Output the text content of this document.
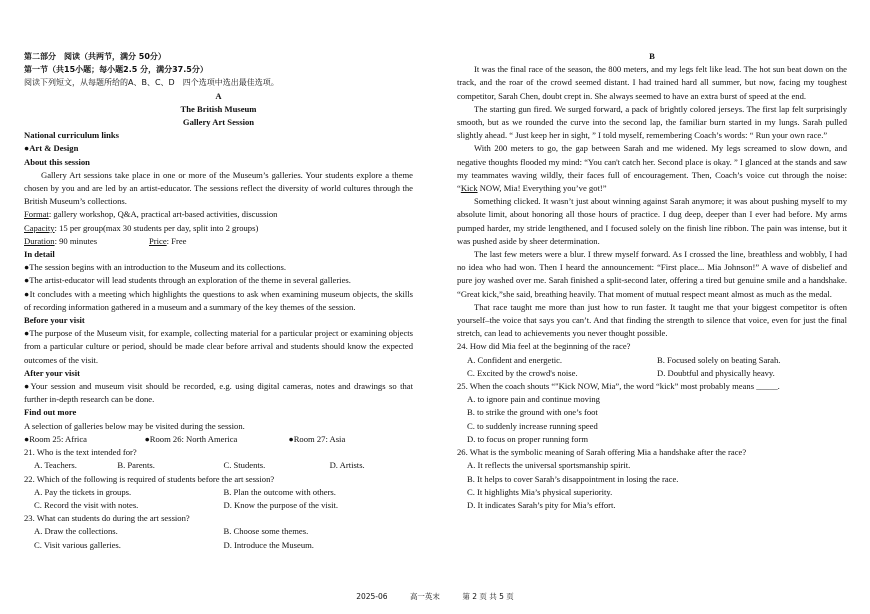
第二部分　阅读（共两节，满分 50分）

第一节（共15小题；每小题2.5 分，满分37.5分）

阅读下列短文，从每题所给的A、B、C、D　四个选项中选出最佳选项。

A

The British Museum

Gallery Art Session

National curriculum links

●Art & Design

About this session

Gallery Art sessions take place in one or more of the Museum’s galleries. Your students explore a theme chosen by you and are led by an artist-educator. The sessions reflect the diversity of world cultures through the British Museum’s collections.

Format: gallery workshop, Q&A, practical art-based activities, discussion

Capacity: 15 per group(max 30 students per day, split into 2 groups)

Duration: 90 minutes	Price: Free

In detail

●The session begins with an introduction to the Museum and its collections.

●The artist-educator will lead students through an exploration of the theme in several galleries.

●It concludes with a meeting which highlights the questions to ask when examining museum objects, the skills of recording information gathered in a museum and a summary of the key themes of the session.

Before your visit

●The purpose of the Museum visit, for example, collecting material for a particular project or examining objects from a particular culture or period, should be made clear before arrival and students should know the expected outcomes of the visit.

After your visit

●Your session and museum visit should be recorded, e.g. using digital cameras, notes and drawings so that further in-depth research can be done.

Find out more

A selection of galleries below may be visited during the session.

●Room 25: Africa	●Room 26: North America	●Room 27: Asia

21. Who is the text intended for?

A. Teachers.	B. Parents.	C. Students.	D. Artists.

22. Which of the following is required of students before the art session?

A. Pay the tickets in groups.	B. Plan the outcome with others.
C. Record the visit with notes.	D. Know the purpose of the visit.

23. What can students do during the art session?

A. Draw the collections.	B. Choose some themes.
C. Visit various galleries.	D. Introduce the Museum.

B

It was the final race of the season, the 800 meters, and my legs felt like lead. The hot sun beat down on the track, and the roar of the crowd seemed distant. I had trained hard all summer, but now, facing my toughest competitor, Sarah Chen, doubt crept in. She always seemed to have an extra burst of speed at the end.

The starting gun fired. We surged forward, a pack of brightly colored jerseys. The first lap felt surprisingly smooth, but as we rounded the curve into the second lap, the familiar burn started in my lungs. Sarah pulled slightly ahead. “ Just keep her in sight, ” I told myself, remembering Coach’s words: “ Run your own race.”

With 200 meters to go, the gap between Sarah and me widened. My legs screamed to slow down, and negative thoughts flooded my mind: “You can't catch her. Second place is okay. ” I glanced at the stands and saw my teammates waving wildly, their faces full of encouragement. Then, Coach’s voice cut through the noise: “Kick NOW, Mia! Everything you’ve got!”

Something clicked. It wasn’t just about winning against Sarah anymore; it was about pushing myself to my absolute limit, about honoring all those hours of practice. I dug deep, deeper than I ever had before. My arms pumped harder, my stride lengthened, and I focused solely on the finish line ribbon. The pain was intense, but it was pushed aside by sheer determination.

The last few meters were a blur. I threw myself forward. As I crossed the line, breathless and wobbly, I had no idea who had won. Then I heard the announcement: “First place... Mia Johnson!” A wave of disbelief and pure joy washed over me. Sarah finished a split-second later, offering a tired but genuine smile and a handshake. “Great kick,”she said, breathing heavily. That moment of mutual respect meant almost as much as the medal.

That race taught me more than just how to run faster. It taught me that your biggest competitor is often yourself–the voice that says you can’t. And that finding the strength to silence that voice, even for just the final stretch, can lead to achievements you never thought possible.

24. How did Mia feel at the beginning of the race?

A. Confident and energetic.	B. Focused solely on beating Sarah.
C. Excited by the crowd's noise.	D. Doubtful and physically heavy.

25. When the coach shouts “"Kick NOW, Mia”, the word “kick” most probably means _____.

A. to ignore pain and continue moving
B. to strike the ground with one’s foot
C. to suddenly increase running speed
D. to focus on proper running form

26. What is the symbolic meaning of Sarah offering Mia a handshake after the race?

A. It reflects the universal sportsmanship spirit.
B. It helps to cover Sarah’s disappointment in losing the race.
C. It highlights Mia’s physical superiority.
D. It indicates Sarah’s pity for Mia’s effort.
2025-06	高一英末	第 2 页 共 5 页
